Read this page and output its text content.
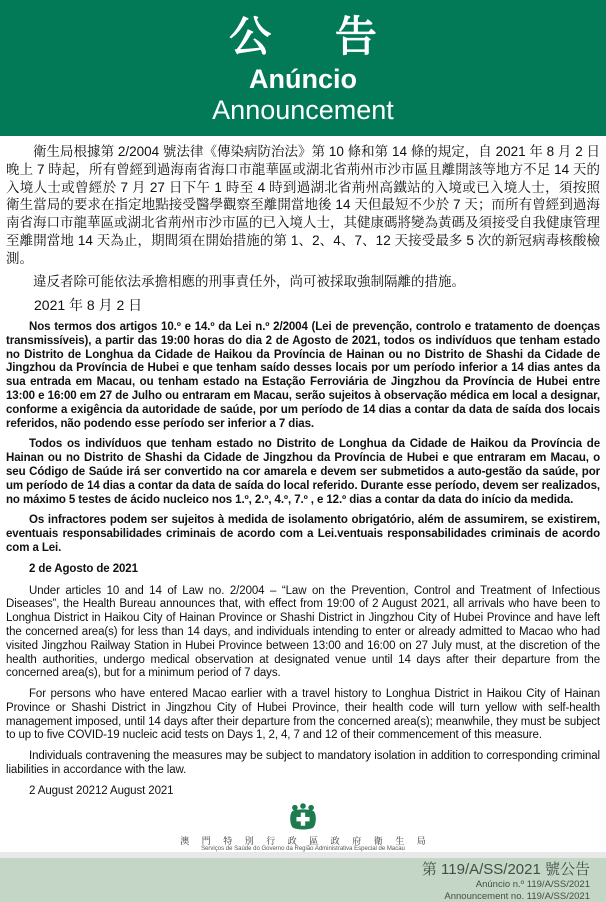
公 告
Anúncio
Announcement

衛生局根據第 2/2004 號法律《傳染病防治法》第 10 條和第 14 條的規定，自 2021 年 8 月 2 日晚上 7 時起，所有曾經到過海南省海口市龍華區或湖北省荊州市沙市區且離開該等地方不足 14 天的入境人士或曾經於 7 月 27 日下午 1 時至 4 時到過湖北省荊州高鐵站的入境或已入境人士，須按照衛生當局的要求在指定地點接受醫學觀察至離開當地後 14 天但最短不少於 7 天；而所有曾經到過海南省海口市龍華區或湖北省荊州市沙市區的已入境人士，其健康碼將變為黃碼及須接受自我健康管理至離開當地 14 天為止，期間須在開始措施的第 1、2、4、7、12 天接受最多 5 次的新冠病毒核酸檢測。

違反者除可能依法承擔相應的刑事責任外，尚可被採取強制隔離的措施。

2021 年 8 月 2 日

Nos termos dos artigos 10.º e 14.º da Lei n.º 2/2004 (Lei de prevenção, controlo e tratamento de doenças transmissíveis), a partir das 19:00 horas do dia 2 de Agosto de 2021, todos os indivíduos que tenham estado no Distrito de Longhua da Cidade de Haikou da Província de Hainan ou no Distrito de Shashi da Cidade de Jingzhou da Província de Hubei e que tenham saído desses locais por um período inferior a 14 dias antes da sua entrada em Macau, ou tenham estado na Estação Ferroviária de Jingzhou da Província de Hubei entre 13:00 e 16:00 em 27 de Julho ou entraram em Macau, serão sujeitos à observação médica em local a designar, conforme a exigência da autoridade de saúde, por um período de 14 dias a contar da data de saída dos locais referidos, não podendo esse período ser inferior a 7 dias.

Todos os indivíduos que tenham estado no Distrito de Longhua da Cidade de Haikou da Província de Hainan ou no Distrito de Shashi da Cidade de Jingzhou da Província de Hubei e que entraram em Macau, o seu Código de Saúde irá ser convertido na cor amarela e devem ser submetidos a auto-gestão da saúde, por um período de 14 dias a contar da data de saída do local referido. Durante esse período, devem ser realizados, no máximo 5 testes de ácido nucleico nos 1.º, 2.º, 4.º, 7.º , e 12.º dias a contar da data do início da medida.

Os infractores podem ser sujeitos à medida de isolamento obrigatório, além de assumirem, se existirem, eventuais responsabilidades criminais de acordo com a Lei.ventuais responsabilidades criminais de acordo com a Lei.

2 de Agosto de 2021

Under articles 10 and 14 of Law no. 2/2004 – “Law on the Prevention, Control and Treatment of Infectious Diseases”, the Health Bureau announces that, with effect from 19:00 of 2 August 2021, all arrivals who have been to Longhua District in Haikou City of Hainan Province or Shashi District in Jingzhou City of Hubei Province and have left the concerned area(s) for less than 14 days, and individuals intending to enter or already admitted to Macao who had visited Jingzhou Railway Station in Hubei Province between 13:00 and 16:00 on 27 July must, at the discretion of the health authorities, undergo medical observation at designated venue until 14 days after their departure from the concerned area(s), but for a minimum period of 7 days.

For persons who have entered Macao earlier with a travel history to Longhua District in Haikou City of Hainan Province or Shashi District in Jingzhou City of Hubei Province, their health code will turn yellow with self-health management imposed, until 14 days after their departure from the concerned area(s); meanwhile, they must be subject to up to five COVID-19 nucleic acid tests on Days 1, 2, 4, 7 and 12 of their commencement of this measure.

Individuals contravening the measures may be subject to mandatory isolation in addition to corresponding criminal liabilities in accordance with the law.

2 August 20212 August 2021

澳 門 特 別 行 政 區 政 府 衛 生 局
Serviços de Saúde do Governo da Região Administrativa Especial de Macau
第 119/A/SS/2021 號公告
Anúncio n.º 119/A/SS/2021
Announcement no. 119/A/SS/2021
